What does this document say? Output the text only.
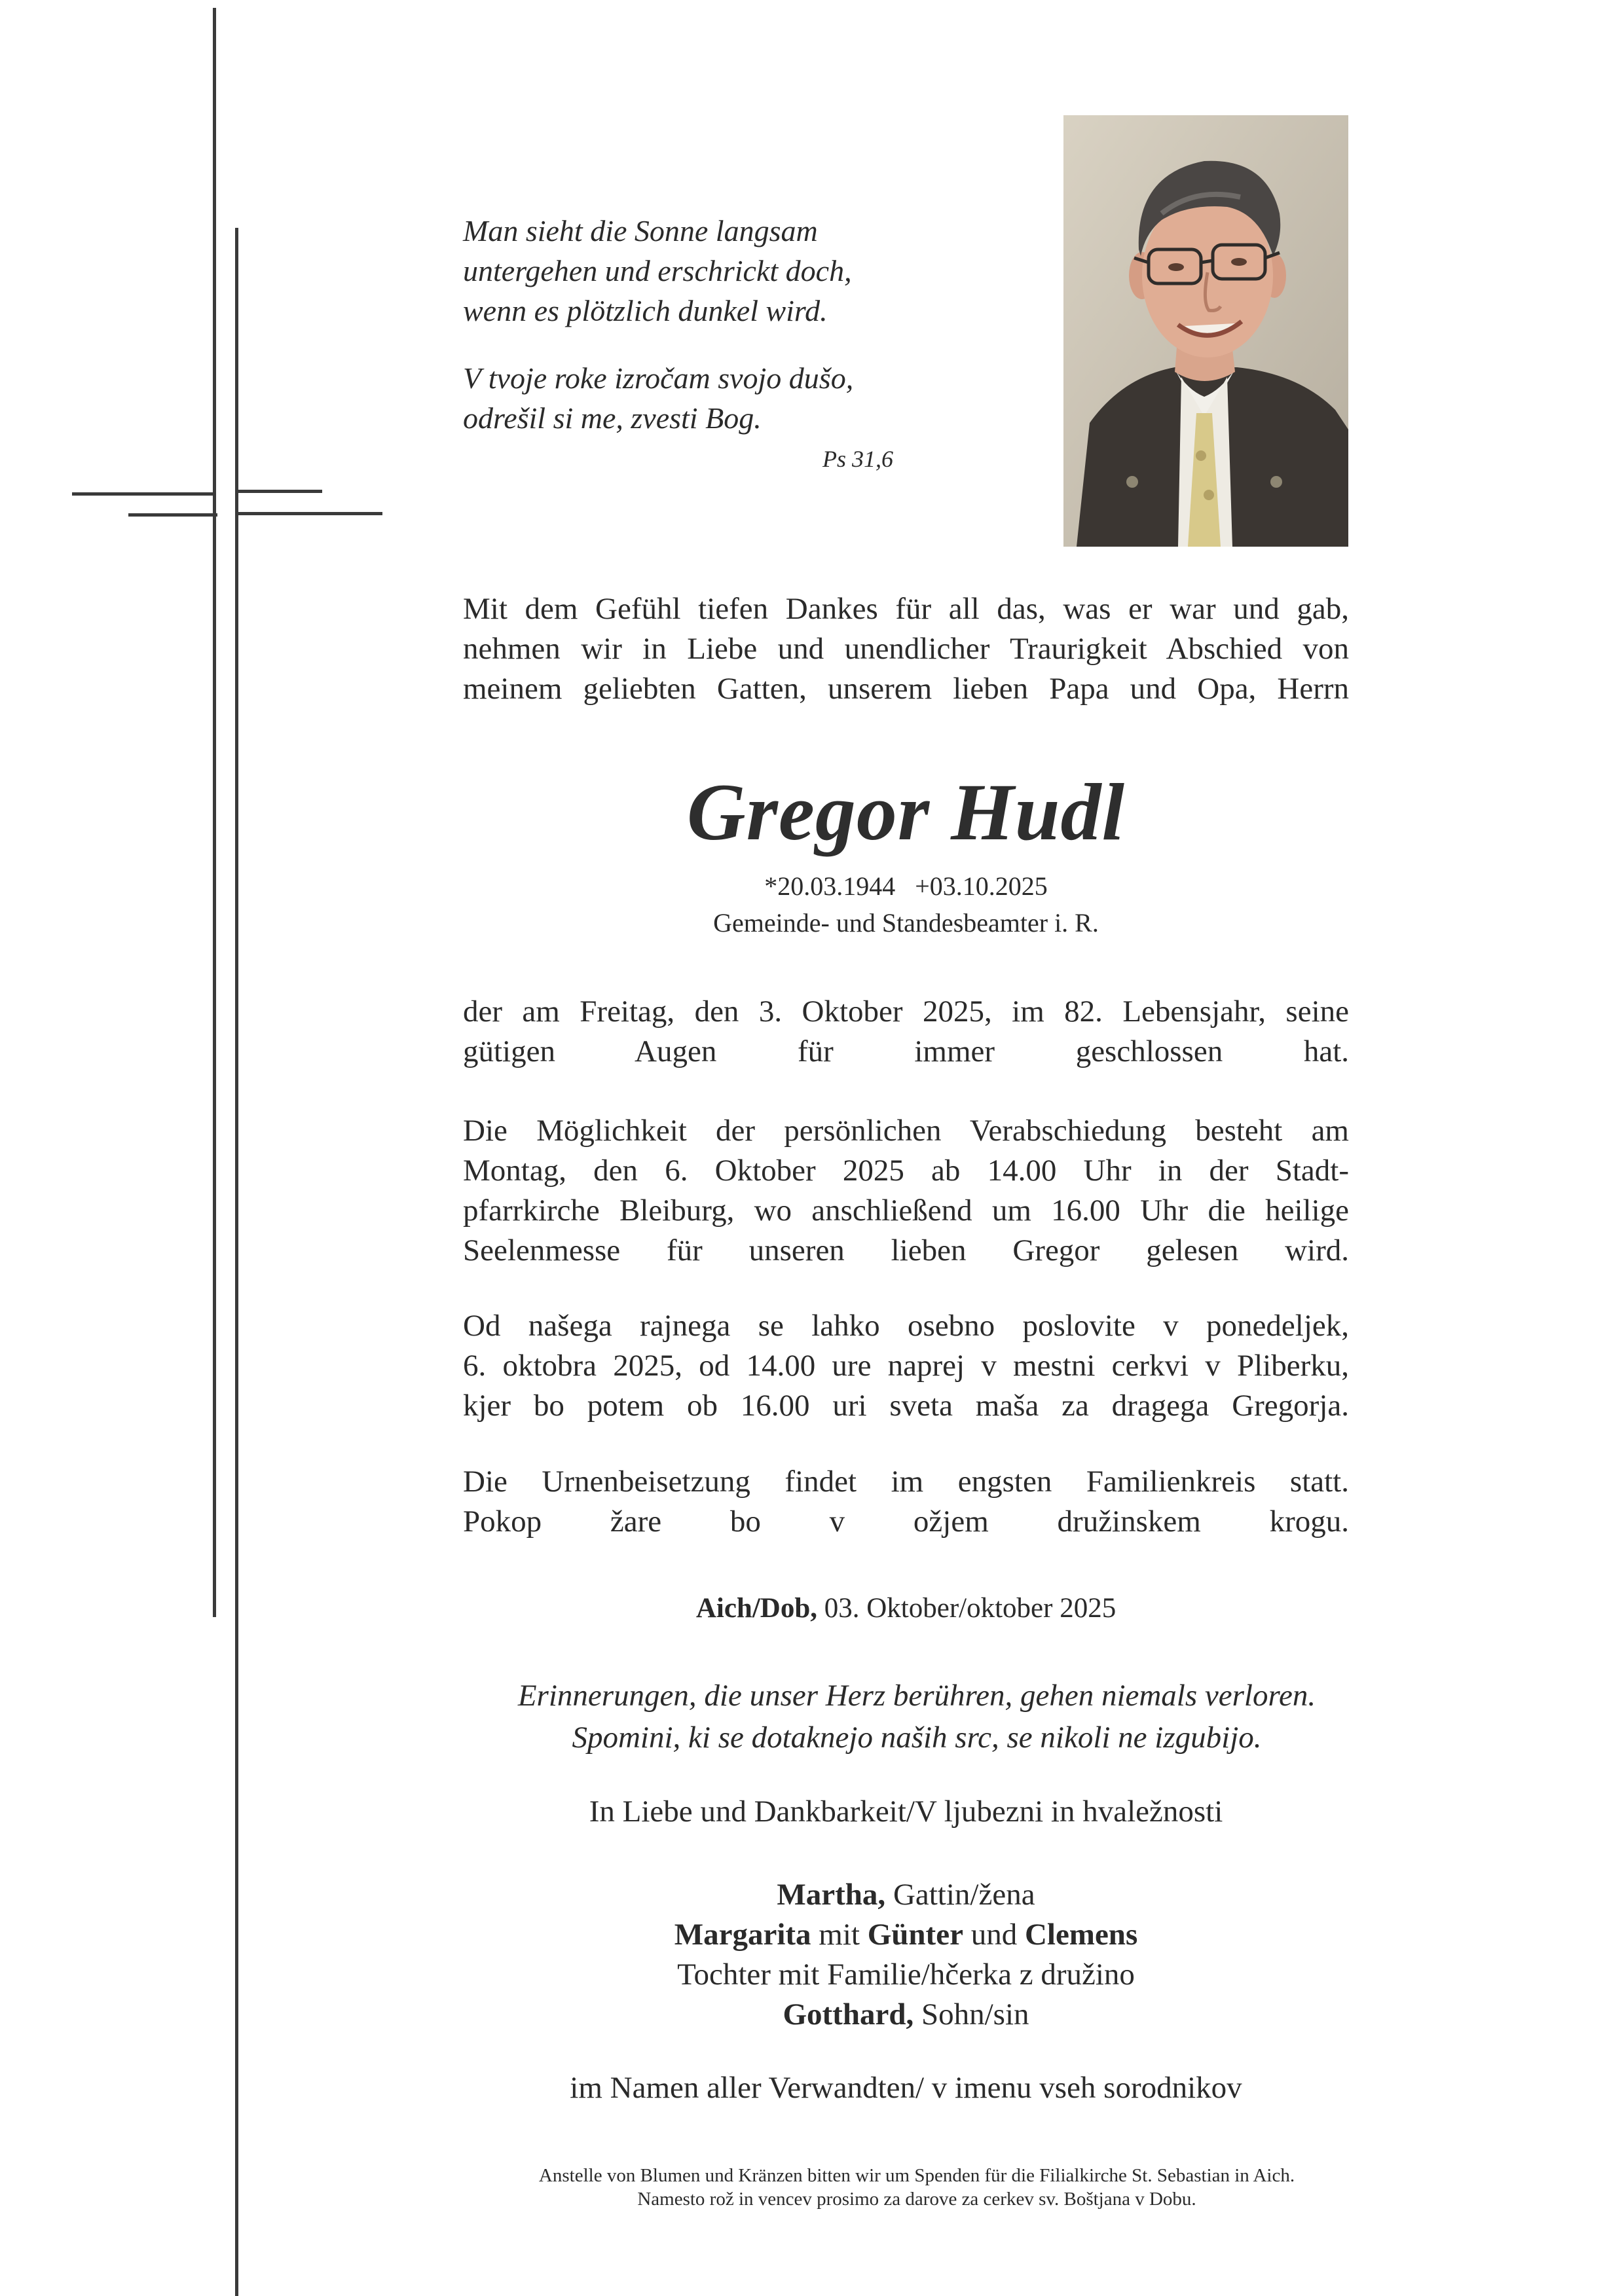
Man sieht die Sonne langsam

untergehen und erschrickt doch,

wenn es plötzlich dunkel wird.

V tvoje roke izročam svojo dušo,

odrešil si me, zvesti Bog.

Ps 31,6
Mit dem Gefühl tiefen Dankes für all das, was er war und gab,
nehmen wir in Liebe und unendlicher Traurigkeit Abschied von
meinem geliebten Gatten, unserem lieben Papa und Opa, Herrn
Gregor Hudl
*20.03.1944   +03.10.2025
Gemeinde- und Standesbeamter i. R.
der am Freitag, den 3. Oktober 2025, im 82. Lebensjahr, seine
gütigen Augen für immer geschlossen hat.
Die Möglichkeit der persönlichen Verabschiedung besteht am
Montag, den 6. Oktober 2025 ab 14.00 Uhr in der Stadt-
pfarrkirche Bleiburg, wo anschließend um 16.00 Uhr die heilige
Seelenmesse für unseren lieben Gregor gelesen wird.
Od našega rajnega se lahko osebno poslovite v ponedeljek,
6. oktobra 2025, od 14.00 ure naprej v mestni cerkvi v Pliberku,
kjer bo potem ob 16.00 uri sveta maša za dragega Gregorja.
Die Urnenbeisetzung findet im engsten Familienkreis statt.
Pokop žare bo v ožjem družinskem krogu.
Aich/Dob, 03. Oktober/oktober 2025
Erinnerungen, die unser Herz berühren, gehen niemals verloren.
Spomini, ki se dotaknejo naših src, se nikoli ne izgubijo.
In Liebe und Dankbarkeit/V ljubezni in hvaležnosti
Martha, Gattin/žena
Margarita mit Günter und Clemens
Tochter mit Familie/hčerka z družino
Gotthard, Sohn/sin
im Namen aller Verwandten/ v imenu vseh sorodnikov
Anstelle von Blumen und Kränzen bitten wir um Spenden für die Filialkirche St. Sebastian in Aich.
Namesto rož in vencev prosimo za darove za cerkev sv. Boštjana v Dobu.
